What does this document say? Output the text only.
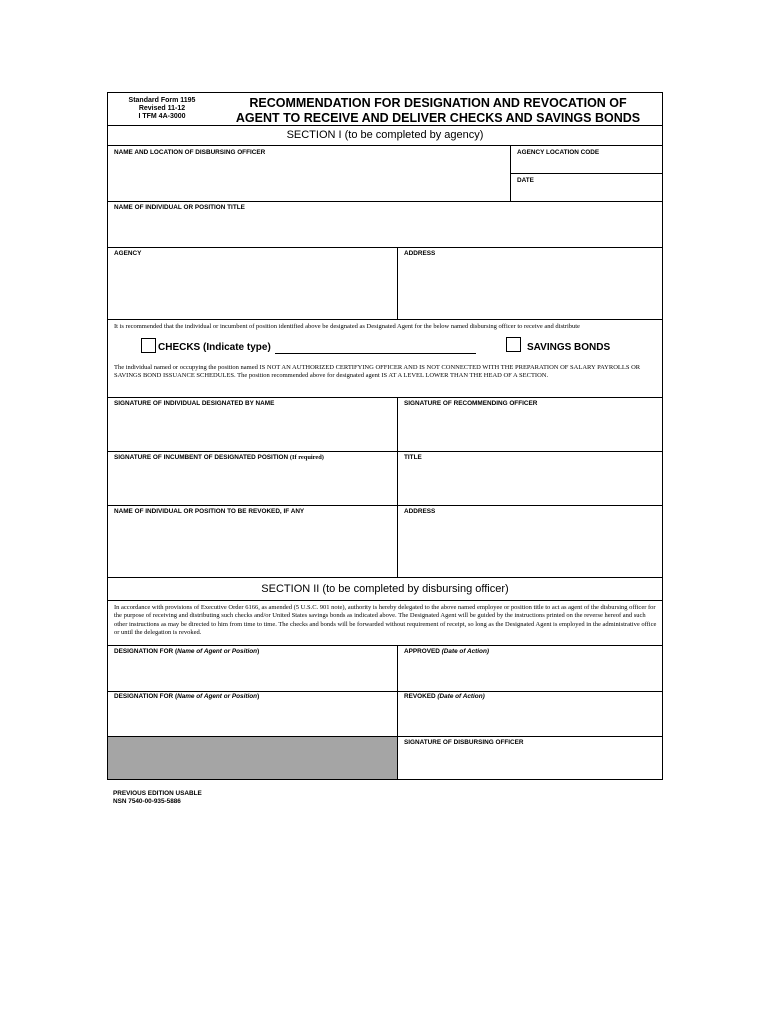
Standard Form 1195
Revised 11-12
I TFM 4A-3000
RECOMMENDATION FOR DESIGNATION AND REVOCATION OF
AGENT TO RECEIVE AND DELIVER CHECKS AND SAVINGS BONDS
SECTION I (to be completed by agency)
NAME AND LOCATION OF DISBURSING OFFICER	AGENCY LOCATION CODE
DATE
NAME OF INDIVIDUAL OR POSITION TITLE
AGENCY	ADDRESS
It is recommended that the individual or incumbent of position identified above be designated as Designated Agent for the below named disbursing officer to receive and distribute
CHECKS (Indicate type)	SAVINGS BONDS
The individual named or occupying the position named IS NOT AN AUTHORIZED CERTIFYING OFFICER AND IS NOT CONNECTED WITH THE PREPARATION OF SALARY PAYROLLS OR SAVINGS BOND ISSUANCE SCHEDULES. The position recommended above for designated agent IS AT A LEVEL LOWER THAN THE HEAD OF A SECTION.
SIGNATURE OF INDIVIDUAL DESIGNATED BY NAME	SIGNATURE OF RECOMMENDING OFFICER
SIGNATURE OF INCUMBENT OF DESIGNATED POSITION (If required)	TITLE
NAME OF INDIVIDUAL OR POSITION TO BE REVOKED, IF ANY	ADDRESS
SECTION II (to be completed by disbursing officer)
In accordance with provisions of Executive Order 6166, as amended (5 U.S.C. 901 note), authority is hereby delegated to the above named employee or position title to act as agent of the disbursing officer for the purpose of receiving and distributing such checks and/or United States savings bonds as indicated above. The Designated Agent will be guided by the instructions printed on the reverse hereof and such other instructions as may be directed to him from time to time. The checks and bonds will be forwarded without requirement of receipt, so long as the Designated Agent is employed in the administrative office or until the delegation is revoked.
DESIGNATION FOR (Name of Agent or Position)	APPROVED (Date of Action)
DESIGNATION FOR (Name of Agent or Position)	REVOKED (Date of Action)
SIGNATURE OF DISBURSING OFFICER
PREVIOUS EDITION USABLE
NSN 7540-00-935-5886
